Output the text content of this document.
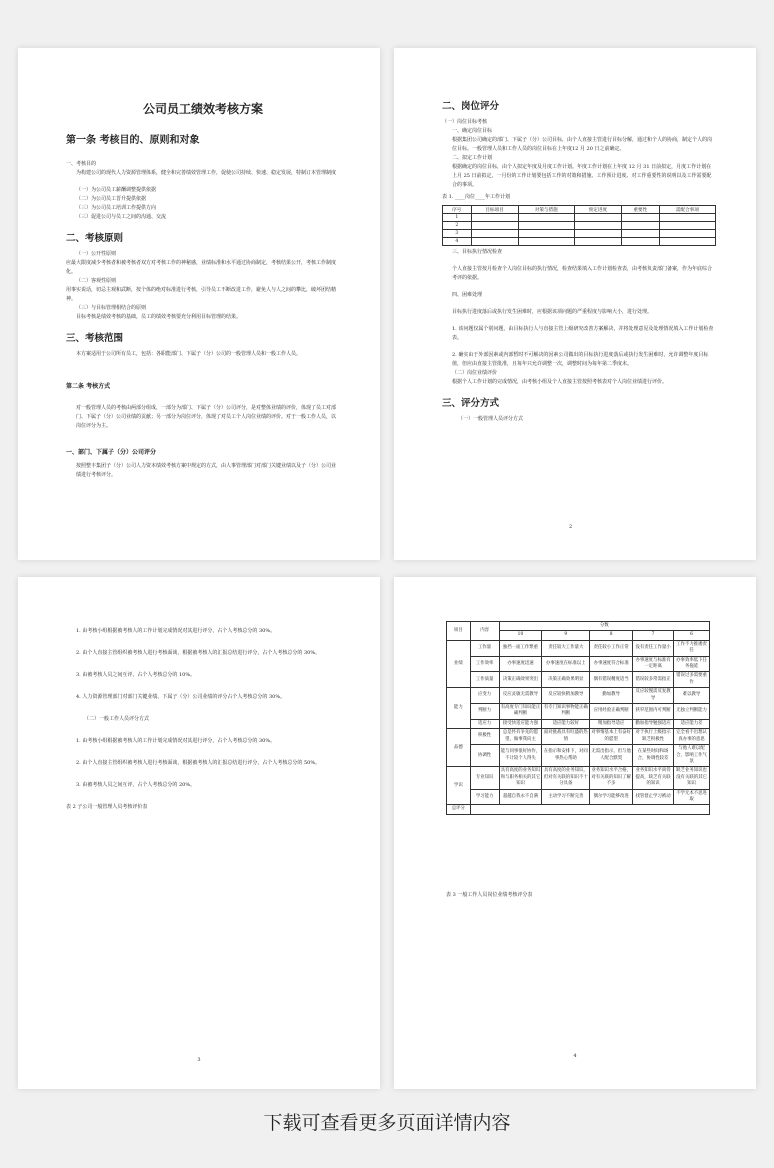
公司员工绩效考核方案
第一条 考核目的、原则和对象

一、考核目的

为构建公司的现代人力资源管理体系，健全和完善绩效管理工作，促使公司持续、快速、稳定发展，特制订本管理制度

（一）为公司员工薪酬调整提供依据

（二）为公司员工晋升提供依据

（三）为公司员工培训工作提供方向

（三）促进公司与员工之间的沟通、交流

二、考核原则

（一）公开性原则

应最大限度减少考核者和被考核者双方对考核工作的神秘感，业绩标准和水平通过协商制定，考核结果公开，考核工作制度化。

（二）客观性原则

用事实说话，切忌主观和武断，按个体的绝对标准进行考核，引导员工不断改进工作，避免人与人之间的攀比，破坏团结精神。

（三）与目标管理相结合的原则

目标考核是绩效考核的基础，员工的绩效考核要充分利用目标管理的结果。

三、考核范围

本方案适用于公司所有员工，包括：各职能部门、下属子（分）公司的一般管理人员和一般工作人员。

第二条 考核方式

对一般管理人员的考核由两部分组成，一部分为部门、下属子（分）公司评分，是对整体业绩的评价，体现了员工对部门、下属子（分）公司业绩的贡献；另一部分为岗位评分，体现了对员工个人岗位业绩的评价。对于一般工作人员，以岗位评分为主。

一、部门、下属子（分）公司评分

按照整丰集团子（分）公司人力资本绩效考核方案中规定的方式，由人事管理部门对部门关键业绩以及子（分）公司业绩进行考核评分。

二、岗位评分

（一）岗位目标考核

一、确定岗位目标

根据集团公司确定的部门、下属子（分）公司目标，由个人直接主管进行目标分解，通过和个人的协商，制定个人的岗位目标。一般管理人员和工作人员的岗位目标在上年度12 月 20 日之前确定。

二、拟定工作计划

根据确定的岗位目标，由个人拟定年度及月度工作计划。年度工作计划在上年度 12 月 31 日前拟定，月度工作计划在上月 25 日前拟定，一月份的工作计划要包括工作的对策和措施、工作预计进度、对工作重要性的说明以及工作需要配合的事项。

表 1. ____岗位____年工作计划

序号	目标项目	对策与措施	预定进度	重要性	需配合事项
1					
2					
3					
4					

三、目标执行情况检查

个人直接主管按月检查个人岗位目标的执行情况，检查结果填入工作计划检查表，由考核负责部门备案，作为年底综合考评的依据。

四、困难处理

目标执行进度落后或执行发生困难时，应根据该项问题的严重程度与影响大小，进行处理。

1. 该问题仅属个别问题，由目标执行人与直接主管上级研究改善方案解决，并将处理意见及处理情况填入工作计划检查表。

2. 确实由于外部因素或内部暂时不可解决的因素公司做出的目标执行进度落后或执行发生困难时，允许调整年度目标值，但应由直接主管批准，且每年只允许调整一次，调整时间为每年第二季度末。

（二）岗位业绩评价

根据个人工作计划的完成情况，由考核小组及个人直接主管按照考核表对个人岗位业绩进行评价。

三、评分方式

（一）一般管理人员评分方式

2

1. 由考核小组根据被考核人的工作计划完成情况对其进行评分，占个人考核总分的 30%。

2. 由个人直接主管组织被考核人进行考核面谈，根据被考核人的汇报总结进行评分，占个人考核总分的 30%。

3. 由被考核人员之间互评，占个人考核总分的 10%。

4. 人力资源管理部门对部门关键业绩、下属子（分）公司业绩的评分占个人考核总分的 30%。

（二）一般工作人员评分方式

1. 由考核小组根据被考核人的工作计划完成情况对其进行评分，占个人考核总分的 30%。

2. 由个人直接主管组织被考核人进行考核面谈，根据被考核人的汇报总结进行评分，占个人考核总分的 50%。

3. 由被考核人员之间互评，占个人考核总分的 20%。

表 2 子公司一般管理人员考核评价表

3
项目	内容	分数				
		10	9	8	7	6
业绩	工作量	独挡一面工作繁重	责任较大工作量大	责任较小工作正常	没有责任工作量小	工作不力推诿责任
	工作效率	办事速度迅速	办事速度在标准以上	办事速度符合标准	办事速度与标准有一定距离	办事效率低下任务拖延
	工作质量	决策正确效果突出	决策正确效果明显	偶有错误精度适当	错误较多常需指正	错误过多需要重作
能力	应变力	反应灵敏无需教导	反应较快稍加教导	勤加教导	反应较慢需反复教导	难以教导
	判断力	有高度专门知识能正确判断	有专门知识事物能正确判断	应用经验正确判断	狭窄范围内可判断	无独立判断能力
	适应力	接受快适应能力强	适应能力较好	稍加指导适应	勤加指导勉强适应	适应能力差
品德	积极性	总是怀有争先的愿望，做事我向主	面对挑战具有旺盛的热情	对事情基本上有奋好的愿望	对于执行上级指示缺乏积极性	完全看不出想认真办事的意思
	协调性	能与同事很好协作，不计较个人得失	在指示和安排下，对同事热心帮助	无需出指示，但与他人配合默契	在某些时间和场合，协调性较差	与他人难以配合，影响工作气氛
学识	专业知识	具有高度的业务知识和与职务相关的其它知识	具有高度的业务知识，但对有关联的知识不十分具备	业务知识水平合格，对有关联的知识了解不多	业务知识水平尚待提高，缺乏有关联的知识	缺乏业务知识也没有关联的其它知识
	学习能力	超越自我永不自满	主动学习不断完善	偶尔学习能够改进	找管督止学习被动	不学无术不思进取
总评分						

表 3 一般工作人员岗位业绩考核评分表

4
下载可查看更多页面详情内容
